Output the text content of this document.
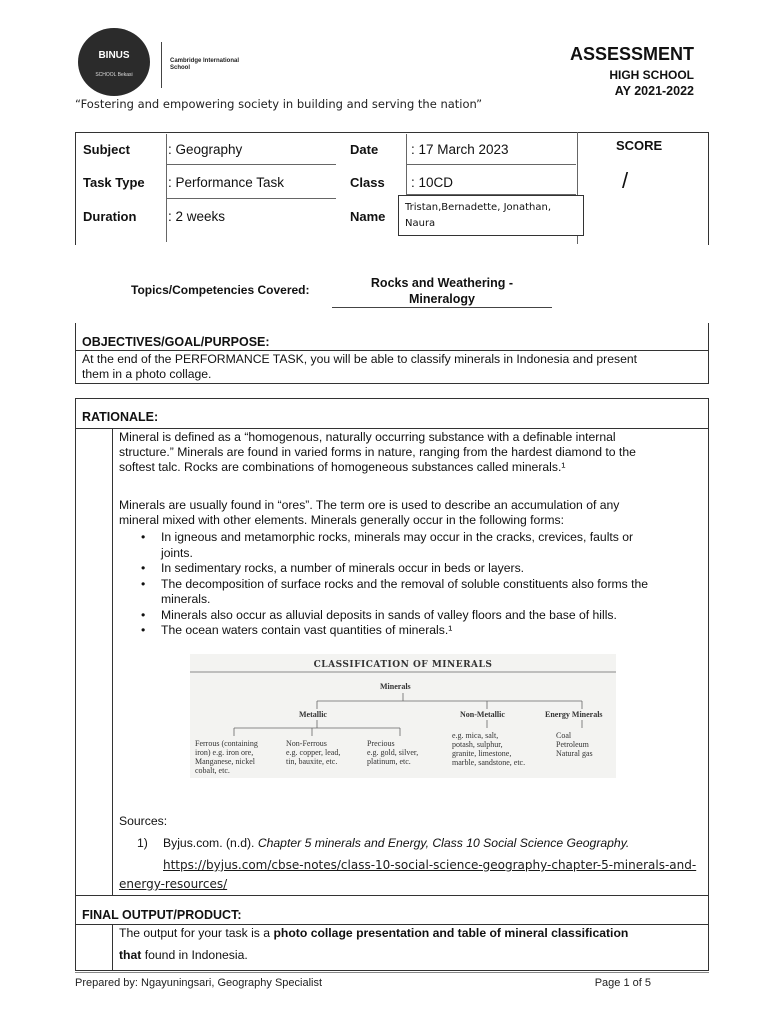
BINUS
SCHOOL Bekasi
Cambridge International School
ASSESSMENT
HIGH SCHOOL
AY 2021-2022
“Fostering and empowering society in building and serving the nation”
Subject	: Geography
Task Type : Performance Task
Duration : 2 weeks
Date : 17 March 2023
Class : 10CD
Name
Tristan,Bernadette, Jonathan,
Naura
SCORE
/
Topics/Competencies Covered:	Rocks and Weathering -
Mineralogy
OBJECTIVES/GOAL/PURPOSE:
At the end of the PERFORMANCE TASK, you will be able to classify minerals in Indonesia and present
them in a photo collage.
RATIONALE:
Mineral is defined as a “homogenous, naturally occurring substance with a definable internal
structure.” Minerals are found in varied forms in nature, ranging from the hardest diamond to the
softest talc. Rocks are combinations of homogeneous substances called minerals.¹
Minerals are usually found in “ores”. The term ore is used to describe an accumulation of any
mineral mixed with other elements. Minerals generally occur in the following forms:
• In igneous and metamorphic rocks, minerals may occur in the cracks, crevices, faults or
joints.
• In sedimentary rocks, a number of minerals occur in beds or layers.
• The decomposition of surface rocks and the removal of soluble constituents also forms the
minerals.
• Minerals also occur as alluvial deposits in sands of valley floors and the base of hills.
• The ocean waters contain vast quantities of minerals.¹
CLASSIFICATION OF MINERALS
Minerals
Metallic	Non-Metallic	Energy Minerals
Ferrous (containing
iron) e.g. iron ore,
Manganese, nickel
cobalt, etc.
Non-Ferrous
e.g. copper, lead,
tin, bauxite, etc.
Precious
e.g. gold, silver,
platinum, etc.
e.g. mica, salt,
potash, sulphur,
granite, limestone,
marble, sandstone, etc.
Coal
Petroleum
Natural gas
Sources:
1) Byjus.com. (n.d). Chapter 5 minerals and Energy, Class 10 Social Science Geography.
https://byjus.com/cbse-notes/class-10-social-science-geography-chapter-5-minerals-and-
energy-resources/
FINAL OUTPUT/PRODUCT:
The output for your task is a photo collage presentation and table of mineral classification
that found in Indonesia.
Prepared by: Ngayuningsari, Geography Specialist	Page 1 of 5
